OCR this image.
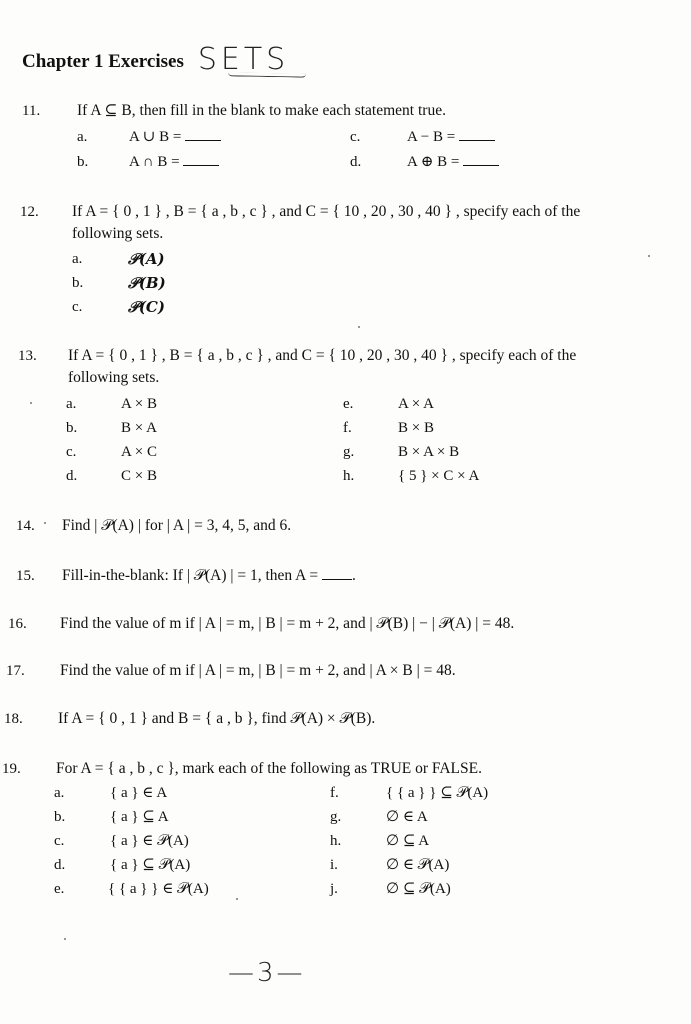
Chapter 1 Exercises SETS
11. If A ⊆ B, then fill in the blank to make each statement true.
a.	A ∪ B =
b.	A ∩ B =
c.	A − B =
d.	A ⊕ B =
12. If A = { 0 , 1 } , B = { a , b , c } , and C = { 10 , 20 , 30 , 40 } , specify each of the
following sets.
a.	𝒫(A)
b.	𝒫(B)
c.	𝒫(C)
13. If A = { 0 , 1 } , B = { a , b , c } , and C = { 10 , 20 , 30 , 40 } , specify each of the
following sets.
a.	A × B
b.	B × A
c.	A × C
d.	C × B
e.	A × A
f.	B × B
g.	B × A × B
h.	{ 5 } × C × A
14. Find | 𝒫(A) | for | A | = 3, 4, 5, and 6.
15. Fill-in-the-blank: If | 𝒫(A) | = 1, then A = .
16. Find the value of m if | A | = m, | B | = m + 2, and | 𝒫(B) | − | 𝒫(A) | = 48.
17. Find the value of m if | A | = m, | B | = m + 2, and | A × B | = 48.
18. If A = { 0 , 1 } and B = { a , b }, find 𝒫(A) × 𝒫(B).
19. For A = { a , b , c }, mark each of the following as TRUE or FALSE.
a.	{ a } ∈ A
b.	{ a } ⊆ A
c.	{ a } ∈ 𝒫(A)
d.	{ a } ⊆ 𝒫(A)
e.	{ { a } } ∈ 𝒫(A)
f.	{ { a } } ⊆ 𝒫(A)
g.	∅ ∈ A
h.	∅ ⊆ A
i.	∅ ∈ 𝒫(A)
j.	∅ ⊆ 𝒫(A)
—3—
